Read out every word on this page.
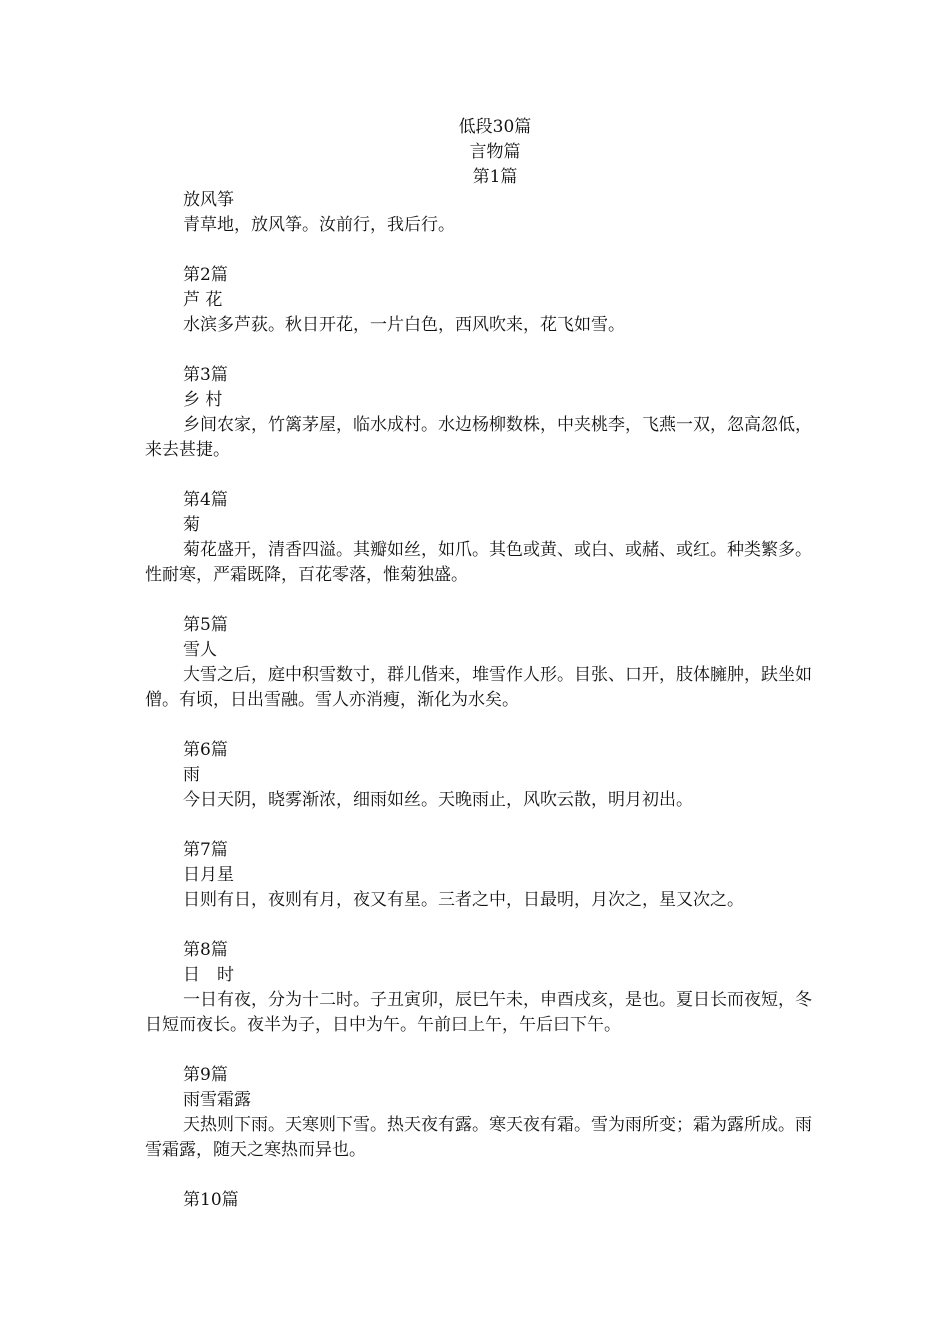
低段30篇
言物篇
第1篇
放风筝

青草地，放风筝。汝前行，我后行。

第2篇
芦 花

水滨多芦荻。秋日开花，一片白色，西风吹来，花飞如雪。

第3篇
乡 村

乡间农家，竹篱茅屋，临水成村。水边杨柳数株，中夹桃李，飞燕一双，忽高忽低，来去甚捷。

第4篇
菊

菊花盛开，清香四溢。其瓣如丝，如爪。其色或黄、或白、或赭、或红。种类繁多。性耐寒，严霜既降，百花零落，惟菊独盛。

第5篇
雪人

大雪之后，庭中积雪数寸，群儿偕来，堆雪作人形。目张、口开，肢体臃肿，趺坐如僧。有顷，日出雪融。雪人亦消瘦，渐化为水矣。

第6篇
雨

今日天阴，晓雾渐浓，细雨如丝。天晚雨止，风吹云散，明月初出。

第7篇
日月星

日则有日，夜则有月，夜又有星。三者之中，日最明，月次之，星又次之。

第8篇
日　时

一日有夜，分为十二时。子丑寅卯，辰巳午未，申酉戌亥，是也。夏日长而夜短，冬日短而夜长。夜半为子，日中为午。午前曰上午，午后曰下午。

第9篇
雨雪霜露

天热则下雨。天寒则下雪。热天夜有露。寒天夜有霜。雪为雨所变；霜为露所成。雨雪霜露，随天之寒热而异也。

第10篇
